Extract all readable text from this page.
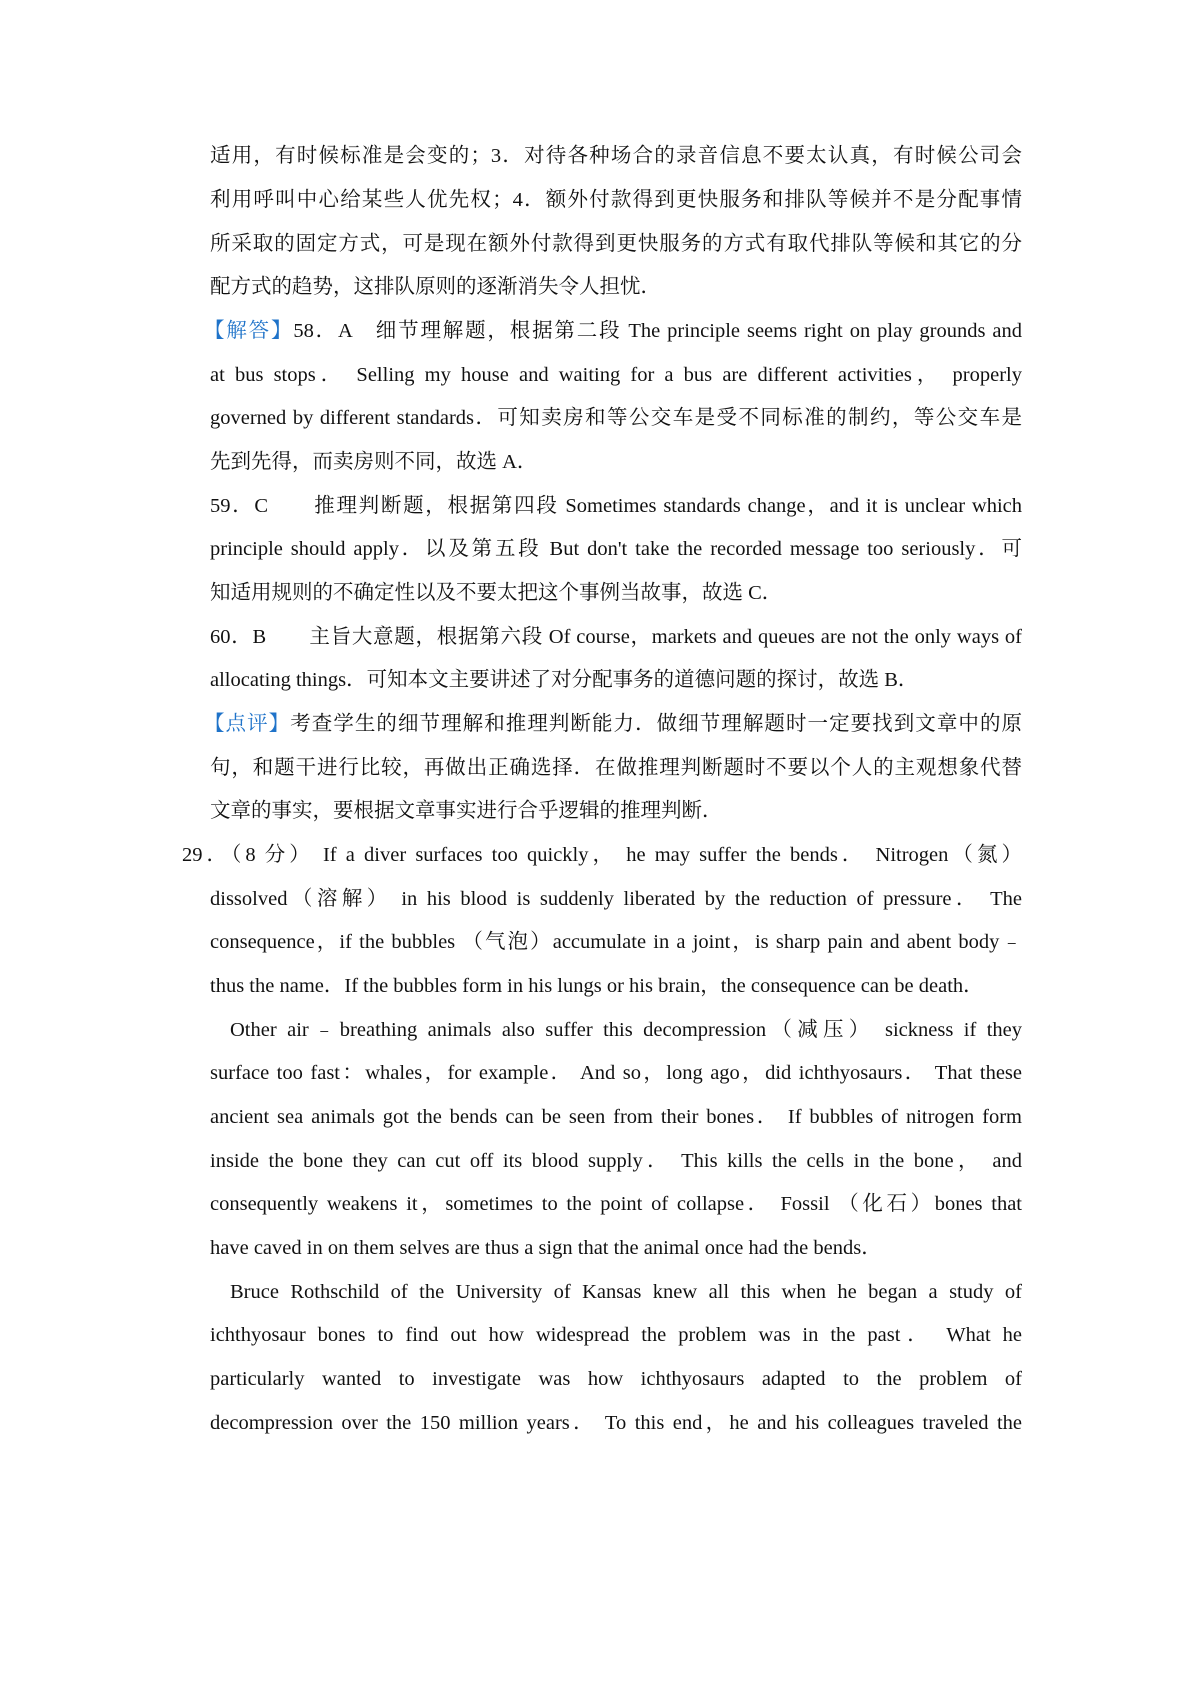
适用，有时候标准是会变的；3．对待各种场合的录音信息不要太认真，有时候公司会
利用呼叫中心给某些人优先权；4．额外付款得到更快服务和排队等候并不是分配事情
所采取的固定方式，可是现在额外付款得到更快服务的方式有取代排队等候和其它的分
配方式的趋势，这排队原则的逐渐消失令人担忧．
【解答】58．A　细节理解题，根据第二段 The principle seems right on play grounds and
at bus stops． Selling my house and waiting for a bus are different activities， properly
governed by different standards．可知卖房和等公交车是受不同标准的制约，等公交车是
先到先得，而卖房则不同，故选 A．
59．C　　推理判断题，根据第四段 Sometimes standards change，and it is unclear which
principle should apply．以及第五段 But don't take the recorded message too seriously．可
知适用规则的不确定性以及不要太把这个事例当故事，故选 C．
60．B　　主旨大意题，根据第六段 Of course，markets and queues are not the only ways of
allocating things．可知本文主要讲述了对分配事务的道德问题的探讨，故选 B．
【点评】考查学生的细节理解和推理判断能力．做细节理解题时一定要找到文章中的原
句，和题干进行比较，再做出正确选择．在做推理判断题时不要以个人的主观想象代替
文章的事实，要根据文章事实进行合乎逻辑的推理判断．
29．（8 分） If a diver surfaces too quickly， he may suffer the bends． Nitrogen（氮）
dissolved（溶解） in his blood is suddenly liberated by the reduction of pressure． The
consequence，if the bubbles （气泡）accumulate in a joint，is sharp pain and abent body﹣
thus the name．If the bubbles form in his lungs or his brain，the consequence can be death．
Other air﹣breathing animals also suffer this decompression（减压） sickness if they
surface too fast：whales，for example． And so，long ago，did ichthyosaurs． That these
ancient sea animals got the bends can be seen from their bones． If bubbles of nitrogen form
inside the bone they can cut off its blood supply． This kills the cells in the bone， and
consequently weakens it，sometimes to the point of collapse． Fossil （化石）bones that
have caved in on them selves are thus a sign that the animal once had the bends．
Bruce Rothschild of the University of Kansas knew all this when he began a study of
ichthyosaur bones to find out how widespread the problem was in the past． What he
particularly wanted to investigate was how ichthyosaurs adapted to the problem of
decompression over the 150 million years． To this end，he and his colleagues traveled the
